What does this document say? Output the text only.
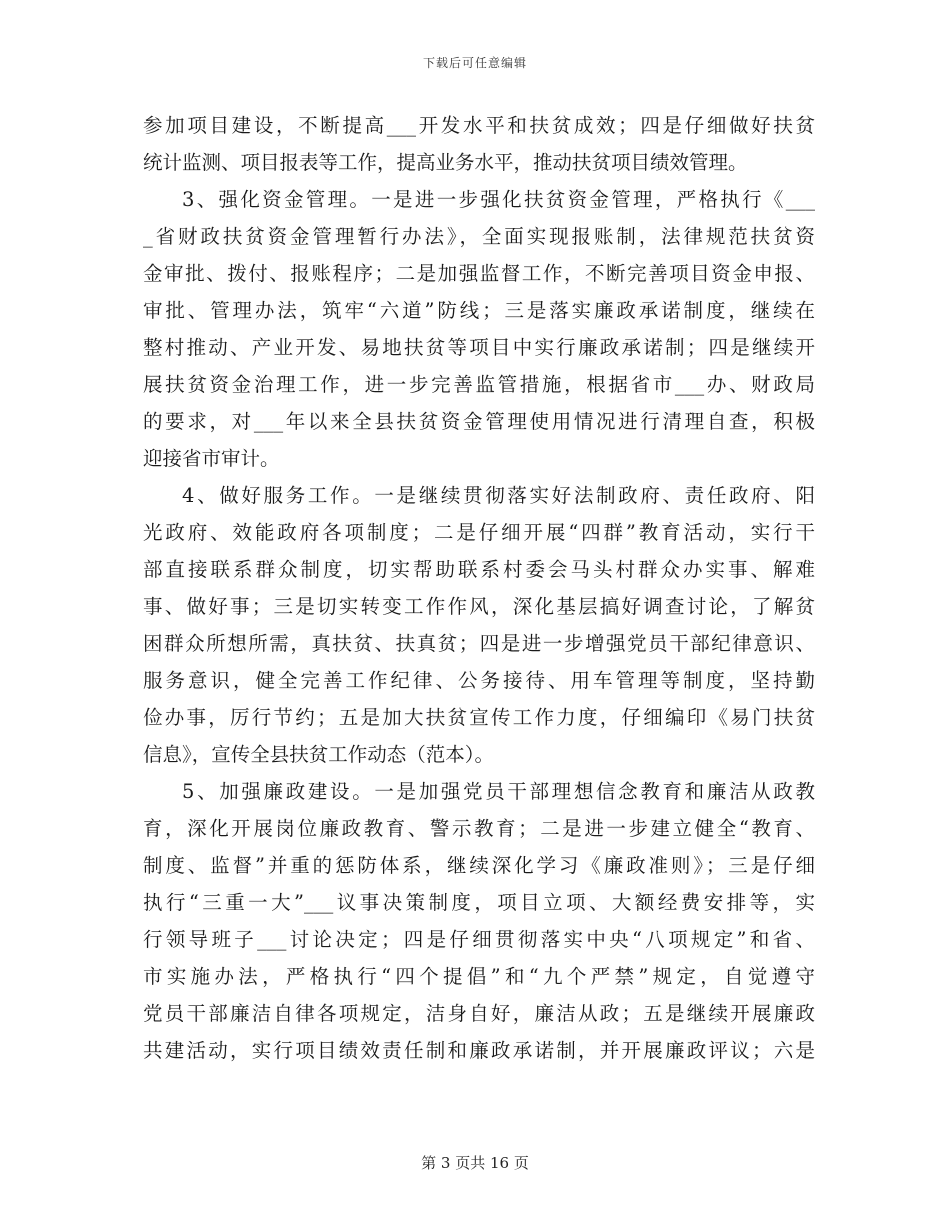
下载后可任意编辑
参加项目建设，不断提高___开发水平和扶贫成效；四是仔细做好扶贫
统计监测、项目报表等工作，提高业务水平，推动扶贫项目绩效管理。
3、强化资金管理。一是进一步强化扶贫资金管理，严格执行《___
_省财政扶贫资金管理暂行办法》，全面实现报账制，法律规范扶贫资
金审批、拨付、报账程序；二是加强监督工作，不断完善项目资金申报、
审批、管理办法，筑牢“六道”防线；三是落实廉政承诺制度，继续在
整村推动、产业开发、易地扶贫等项目中实行廉政承诺制；四是继续开
展扶贫资金治理工作，进一步完善监管措施，根据省市___办、财政局
的要求，对___年以来全县扶贫资金管理使用情况进行清理自查，积极
迎接省市审计。
4、做好服务工作。一是继续贯彻落实好法制政府、责任政府、阳
光政府、效能政府各项制度；二是仔细开展“四群”教育活动，实行干
部直接联系群众制度，切实帮助联系村委会马头村群众办实事、解难
事、做好事；三是切实转变工作作风，深化基层搞好调查讨论，了解贫
困群众所想所需，真扶贫、扶真贫；四是进一步增强党员干部纪律意识、
服务意识，健全完善工作纪律、公务接待、用车管理等制度，坚持勤
俭办事，厉行节约；五是加大扶贫宣传工作力度，仔细编印《易门扶贫
信息》，宣传全县扶贫工作动态（范本）。
5、加强廉政建设。一是加强党员干部理想信念教育和廉洁从政教
育，深化开展岗位廉政教育、警示教育；二是进一步建立健全“教育、
制度、监督”并重的惩防体系，继续深化学习《廉政准则》；三是仔细
执行“三重一大”___议事决策制度，项目立项、大额经费安排等，实
行领导班子___讨论决定；四是仔细贯彻落实中央“八项规定”和省、
市实施办法，严格执行“四个提倡”和“九个严禁”规定，自觉遵守
党员干部廉洁自律各项规定，洁身自好，廉洁从政；五是继续开展廉政
共建活动，实行项目绩效责任制和廉政承诺制，并开展廉政评议；六是
第 3 页共 16 页
